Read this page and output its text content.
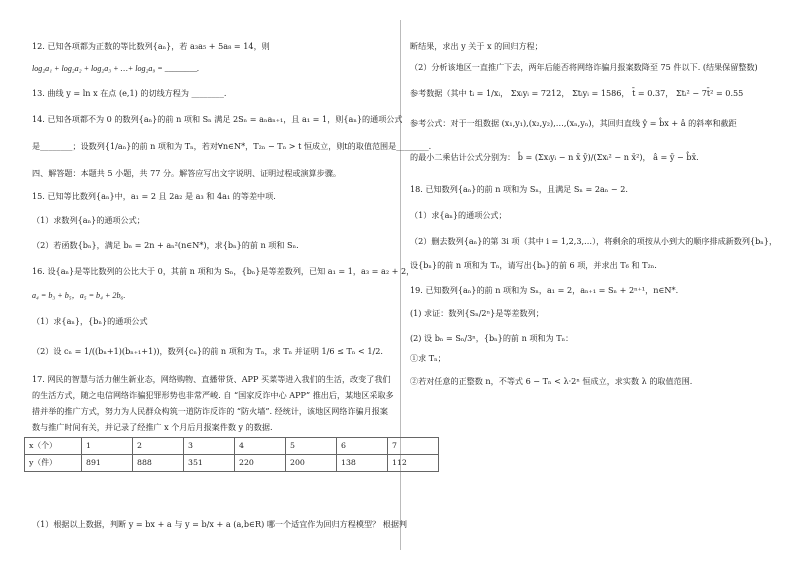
12. 已知各项都为正数的等比数列{aₙ}，若 a₃a₅ + 5a₈ = 14，则
log₂a₁ + log₂a₂ + log₂a₃ + …+ log₂a₉ = ________.
13. 曲线 y = ln x 在点 (e,1) 的切线方程为 ________.
14. 已知各项都不为 0 的数列{aₙ}的前 n 项和 Sₙ 满足 2Sₙ = aₙaₙ₊₁，且 a₁ = 1，则{aₙ}的通项公式
是________；设数列{1/aₙ}的前 n 项和为 Tₙ，若对∀n∈N*，T₂ₙ − Tₙ > t 恒成立，则t的取值范围是________.
四、解答题：本题共 5 小题，共 77 分。解答应写出文字说明、证明过程或演算步骤。
15. 已知等比数列{aₙ}中，a₁ = 2 且 2a₂ 是 a₃ 和 4a₁ 的等差中项.
（1）求数列{aₙ}的通项公式；
（2）若函数{bₙ}，满足 bₙ = 2n + aₙ²(n∈N*)，求{bₙ}的前 n 项和 Sₙ.
16. 设{aₙ}是等比数列的公比大于 0，其前 n 项和为 Sₙ，{bₙ}是等差数列，已知 a₁ = 1，a₃ = a₂ + 2，
a₄ = b₃ + b₅，a₅ = b₄ + 2b₆.
（1）求{aₙ}，{bₙ}的通项公式
（2）设 cₙ = 1/((bₙ+1)(bₙ₊₁+1))，数列{cₙ}的前 n 项和为 Tₙ，求 Tₙ 并证明 1/6 ≤ Tₙ < 1/2.
17. 网民的智慧与活力催生新业态，网络购物、直播带货、APP 买菜等进入我们的生活，改变了我们
的生活方式，随之电信网络诈骗犯罪形势也非常严峻. 自 “国家反诈中心 APP” 推出后，某地区采取多
措并举的推广方式，努力为人民群众构筑一道防诈反诈的 “防火墙”. 经统计，该地区网络诈骗月报案
数与推广时间有关，并记录了经推广 x 个月后月报案件数 y 的数据.
（1）根据以上数据，判断 y = bx + a 与 y = b/x + a (a,b∈R) 哪一个适宜作为回归方程模型？ 根据判
x（个）	1	2	3	4	5	6	7
y（件）	891	888	351	220	200	138	112
断结果，求出 y 关于 x 的回归方程；
（2）分析该地区一直推广下去，两年后能否将网络诈骗月报案数降至 75 件以下. (结果保留整数)
参考数据（其中 tᵢ = 1/xᵢ， Σxᵢyᵢ = 7212， Σtᵢyᵢ = 1586， t̄ = 0.37， Σtᵢ² − 7t̄² = 0.55
参考公式：对于一组数据 (x₁,y₁),(x₂,y₂),…,(xₙ,yₙ)，其回归直线 ŷ = b̂x + â 的斜率和截距
的最小二乘估计公式分别为： b̂ = (Σxᵢyᵢ − n x̄ ȳ)/(Σxᵢ² − n x̄²)， â = ȳ − b̂x̄.
18. 已知数列{aₙ}的前 n 项和为 Sₙ，且满足 Sₙ = 2aₙ − 2.
（1）求{aₙ}的通项公式；
（2）删去数列{aₙ}的第 3i 项（其中 i = 1,2,3,…），将剩余的项按从小到大的顺序排成新数列{bₙ}，
设{bₙ}的前 n 项和为 Tₙ，请写出{bₙ}的前 6 项，并求出 T₆ 和 T₂ₙ.
19. 已知数列{aₙ}的前 n 项和为 Sₙ，a₁ = 2，aₙ₊₁ = Sₙ + 2ⁿ⁺¹，n∈N*.
(1) 求证：数列{Sₙ/2ⁿ}是等差数列；
(2) 设 bₙ = Sₙ/3ⁿ，{bₙ}的前 n 项和为 Tₙ：
①求 Tₙ；
②若对任意的正整数 n，不等式 6 − Tₙ < λ·2ⁿ 恒成立，求实数 λ 的取值范围.
